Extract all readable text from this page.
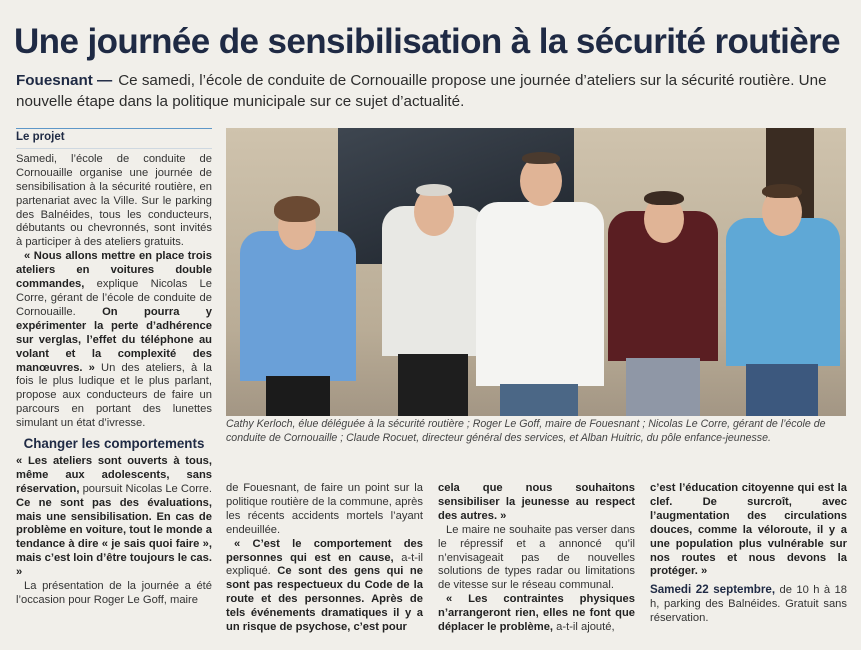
Une journée de sensibilisation à la sécurité routière
Fouesnant — Ce samedi, l’école de conduite de Cornouaille propose une journée d’ateliers sur la sécurité routière. Une nouvelle étape dans la politique municipale sur ce sujet d’actualité.
Le projet

Samedi, l’école de conduite de Cornouaille organise une journée de sensibilisation à la sécurité routière, en partenariat avec la Ville. Sur le parking des Balnéides, tous les conducteurs, débutants ou chevronnés, sont invités à participer à des ateliers gratuits.

« Nous allons mettre en place trois ateliers en voitures double commandes, explique Nicolas Le Corre, gérant de l’école de conduite de Cornouaille. On pourra y expérimenter la perte d’adhérence sur verglas, l’effet du téléphone au volant et la complexité des manœuvres. » Un des ateliers, à la fois le plus ludique et le plus parlant, propose aux conducteurs de faire un parcours en portant des lunettes simulant un état d’ivresse.

Changer les comportements

« Les ateliers sont ouverts à tous, même aux adolescents, sans réservation, poursuit Nicolas Le Corre. Ce ne sont pas des évaluations, mais une sensibilisation. En cas de problème en voiture, tout le monde a tendance à dire « je sais quoi faire », mais c’est loin d’être toujours le cas. »

La présentation de la journée a été l’occasion pour Roger Le Goff, maire

Cathy Kerloch, élue déléguée à la sécurité routière ; Roger Le Goff, maire de Fouesnant ; Nicolas Le Corre, gérant de l’école de conduite de Cornouaille ; Claude Rocuet, directeur général des services, et Alban Huitric, du pôle enfance-jeunesse.

de Fouesnant, de faire un point sur la politique routière de la commune, après les récents accidents mortels l’ayant endeuillée.

« C’est le comportement des personnes qui est en cause, a-t-il expliqué. Ce sont des gens qui ne sont pas respectueux du Code de la route et des personnes. Après de tels événements dramatiques il y a un risque de psychose, c’est pour

cela que nous souhaitons sensibiliser la jeunesse au respect des autres. »

Le maire ne souhaite pas verser dans le répressif et a annoncé qu’il n’envisageait pas de nouvelles solutions de types radar ou limitations de vitesse sur le réseau communal.

« Les contraintes physiques n’arrangeront rien, elles ne font que déplacer le problème, a-t-il ajouté,

c’est l’éducation citoyenne qui est la clef. De surcroît, avec l’augmentation des circulations douces, comme la véloroute, il y a une population plus vulnérable sur nos routes et nous devons la protéger. »

Samedi 22 septembre, de 10 h à 18 h, parking des Balnéides. Gratuit sans réservation.
